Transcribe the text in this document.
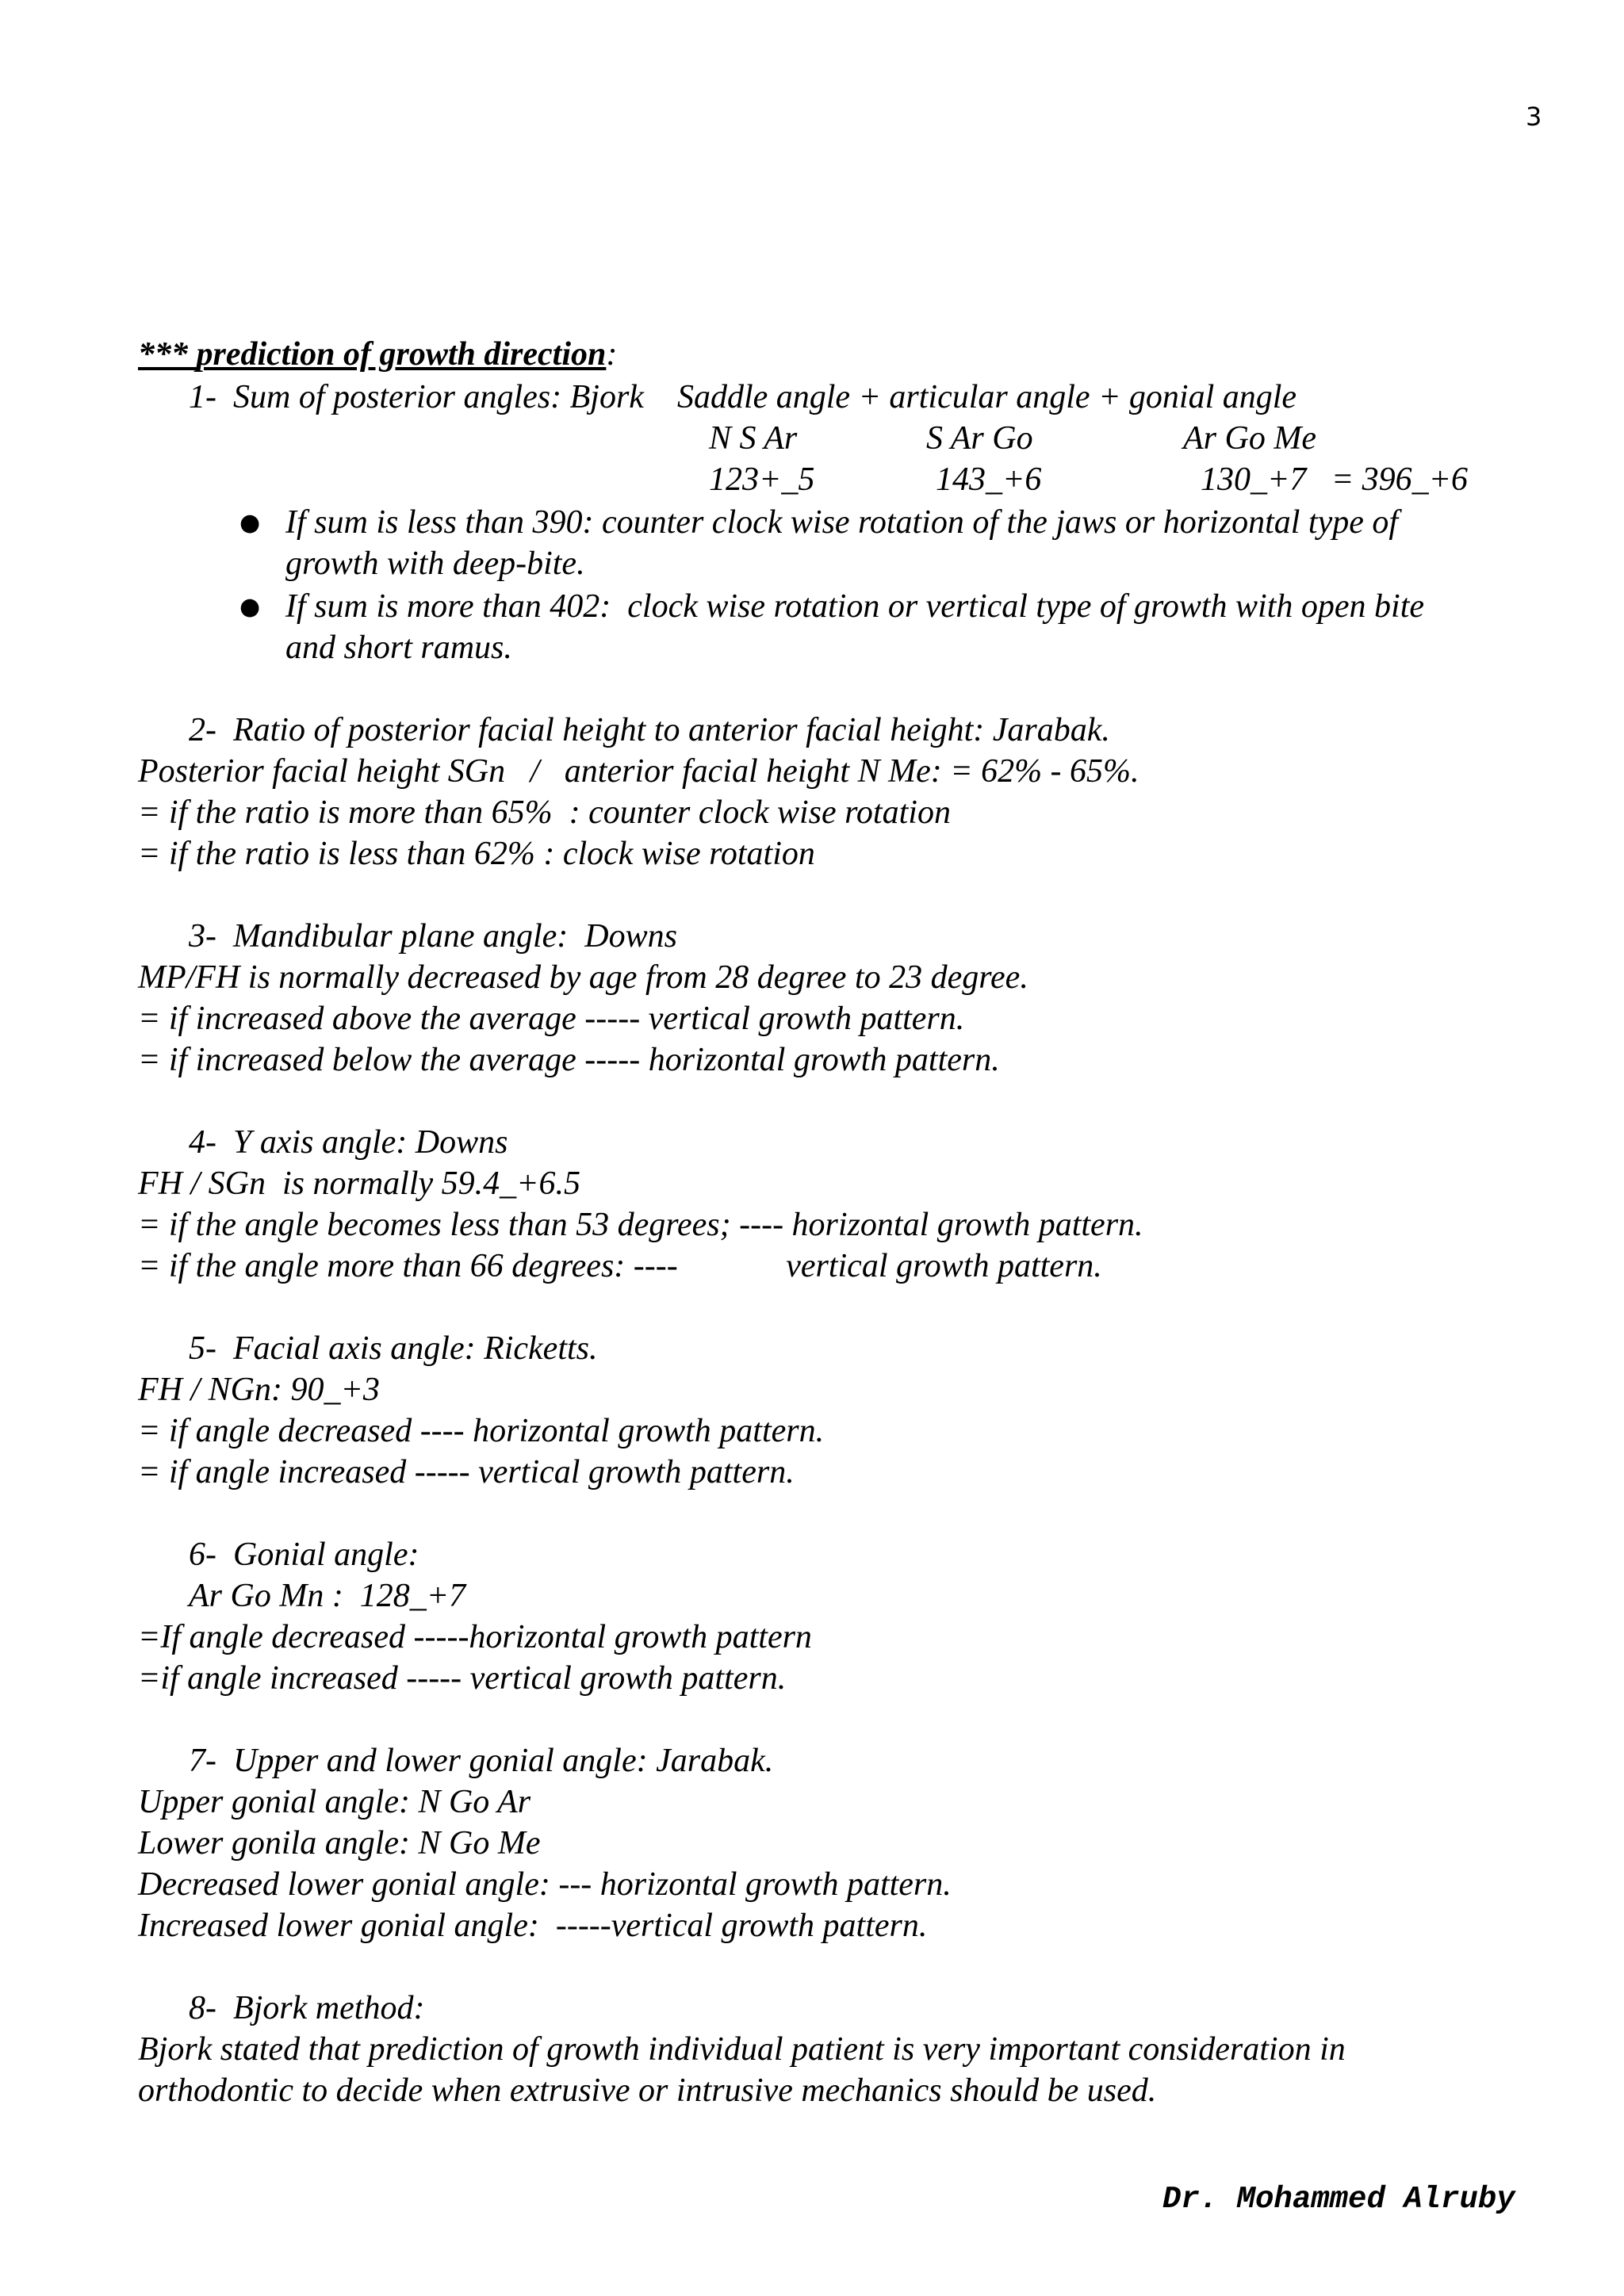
3
*** prediction of growth direction:
1-  Sum of posterior angles: Bjork    Saddle angle + articular angle + gonial angle
N S Ar	S Ar Go	Ar Go Me
123+_5	143_+6	130_+7   = 396_+6
● If sum is less than 390: counter clock wise rotation of the jaws or horizontal type of
growth with deep-bite.
● If sum is more than 402:  clock wise rotation or vertical type of growth with open bite
and short ramus.
2-  Ratio of posterior facial height to anterior facial height: Jarabak.
Posterior facial height SGn   /   anterior facial height N Me: = 62% - 65%.
= if the ratio is more than 65%  : counter clock wise rotation
= if the ratio is less than 62% : clock wise rotation
3-  Mandibular plane angle:  Downs
MP/FH is normally decreased by age from 28 degree to 23 degree.
= if increased above the average ----- vertical growth pattern.
= if increased below the average ----- horizontal growth pattern.
4-  Y axis angle: Downs
FH / SGn  is normally 59.4_+6.5
= if the angle becomes less than 53 degrees; ---- horizontal growth pattern.
= if the angle more than 66 degrees: ----             vertical growth pattern.
5-  Facial axis angle: Ricketts.
FH / NGn: 90_+3
= if angle decreased ---- horizontal growth pattern.
= if angle increased ----- vertical growth pattern.
6-  Gonial angle:
Ar Go Mn :  128_+7
=If angle decreased -----horizontal growth pattern
=if angle increased ----- vertical growth pattern.
7-  Upper and lower gonial angle: Jarabak.
Upper gonial angle: N Go Ar
Lower gonila angle: N Go Me
Decreased lower gonial angle: --- horizontal growth pattern.
Increased lower gonial angle:  -----vertical growth pattern.
8-  Bjork method:
Bjork stated that prediction of growth individual patient is very important consideration in
orthodontic to decide when extrusive or intrusive mechanics should be used.
Dr. Mohammed Alruby
